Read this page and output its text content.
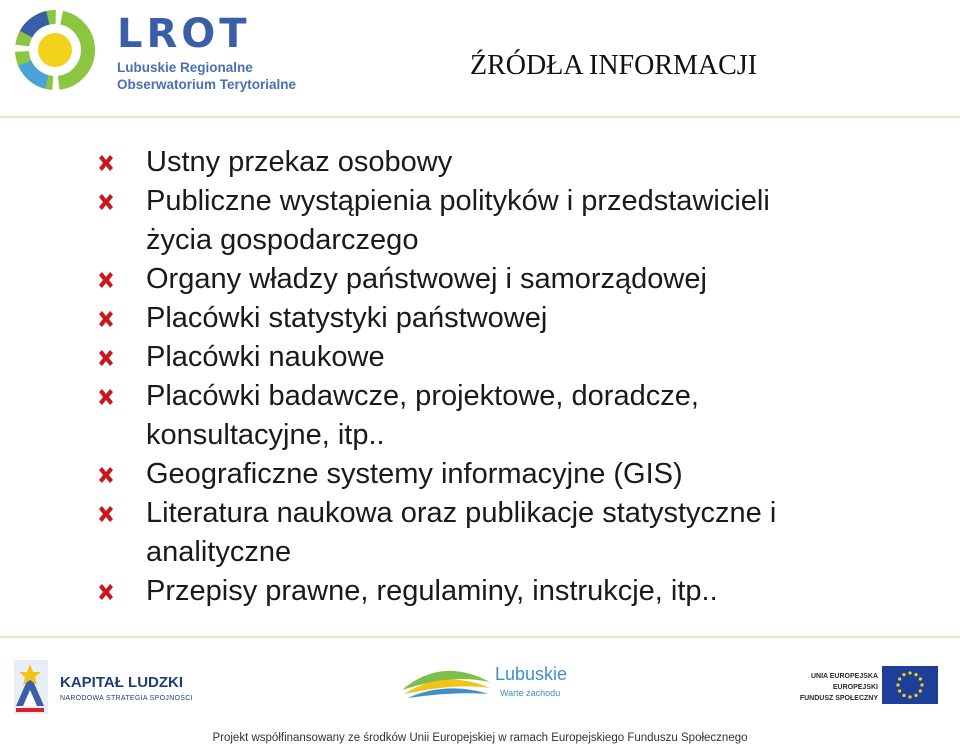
LROT
Lubuskie Regionalne
Obserwatorium Terytorialne
ŹRÓDŁA INFORMACJI
Ustny przekaz osobowy
Publiczne wystąpienia polityków i przedstawicieli
życia gospodarczego
Organy władzy państwowej i samorządowej
Placówki statystyki państwowej
Placówki naukowe
Placówki badawcze, projektowe, doradcze,
konsultacyjne, itp..
Geograficzne systemy informacyjne (GIS)
Literatura naukowa oraz publikacje statystyczne i
analityczne
Przepisy prawne, regulaminy, instrukcje, itp..
KAPITAŁ LUDZKI
NARODOWA STRATEGIA SPÓJNOŚCI
Lubuskie
Warte zachodu
UNIA EUROPEJSKA
EUROPEJSKI
FUNDUSZ SPOŁECZNY
Projekt współfinansowany ze środków Unii Europejskiej w ramach Europejskiego Funduszu Społecznego
